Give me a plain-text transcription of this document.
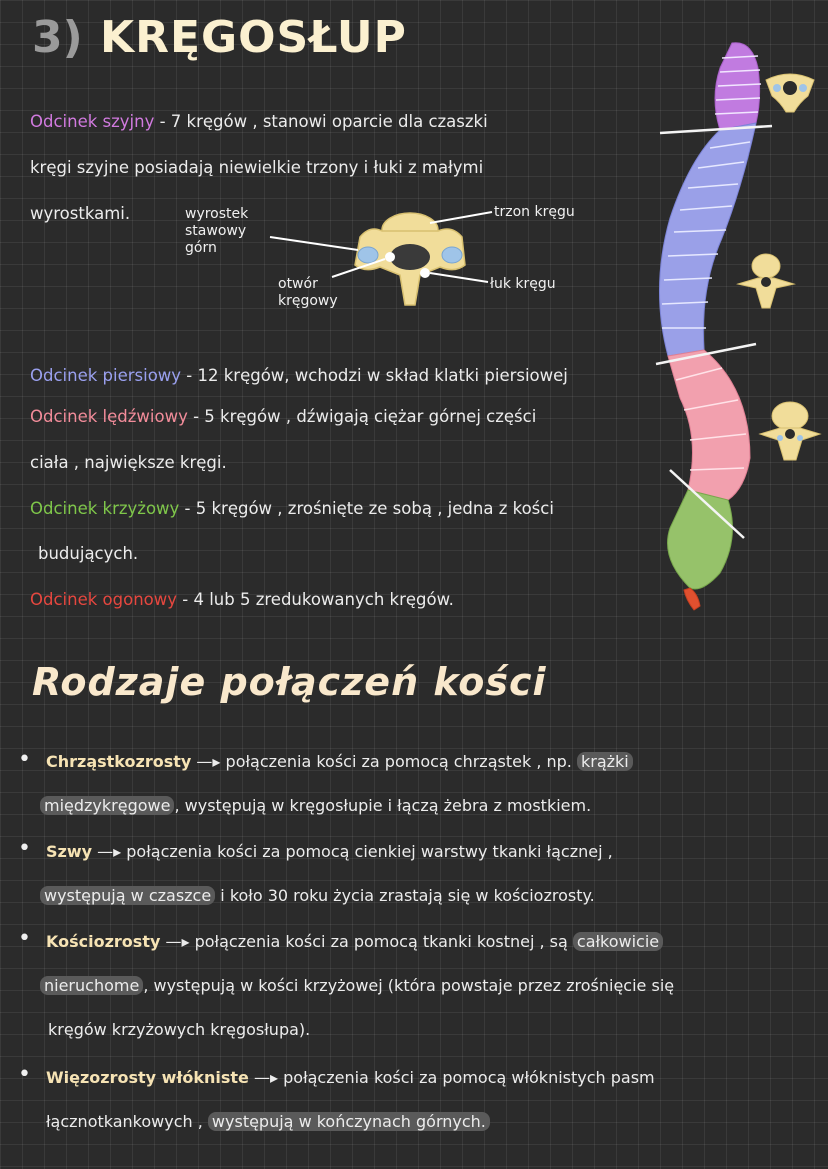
3) KRĘGOSŁUP
Odcinek szyjny - 7 kręgów , stanowi oparcie dla czaszki
kręgi szyjne posiadają niewielkie trzony i łuki z małymi
wyrostkami.	wyrostek
stawowy
górn
otwór
kręgowy
trzon kręgu
łuk kręgu
Odcinek piersiowy - 12 kręgów, wchodzi w skład klatki piersiowej
Odcinek lędźwiowy - 5 kręgów , dźwigają ciężar górnej części
ciała , największe kręgi.
Odcinek krzyżowy - 5 kręgów , zrośnięte ze sobą , jedna z kości
budujących.
Odcinek ogonowy - 4 lub 5 zredukowanych kręgów.
Rodzaje połączeń kości
• Chrząstkozrosty —▸ połączenia kości za pomocą chrząstek , np. krążki
międzykręgowe , występują w kręgosłupie i łączą żebra z mostkiem.
• Szwy —▸ połączenia kości za pomocą cienkiej warstwy tkanki łącznej ,
występują w czaszce i koło 30 roku życia zrastają się w kościozrosty.
• Kościozrosty —▸ połączenia kości za pomocą tkanki kostnej , są całkowicie
nieruchome , występują w kości krzyżowej (która powstaje przez zrośnięcie się
kręgów krzyżowych kręgosłupa).
• Więzozrosty włókniste —▸ połączenia kości za pomocą włóknistych pasm
łącznotkankowych , występują w kończynach górnych.
